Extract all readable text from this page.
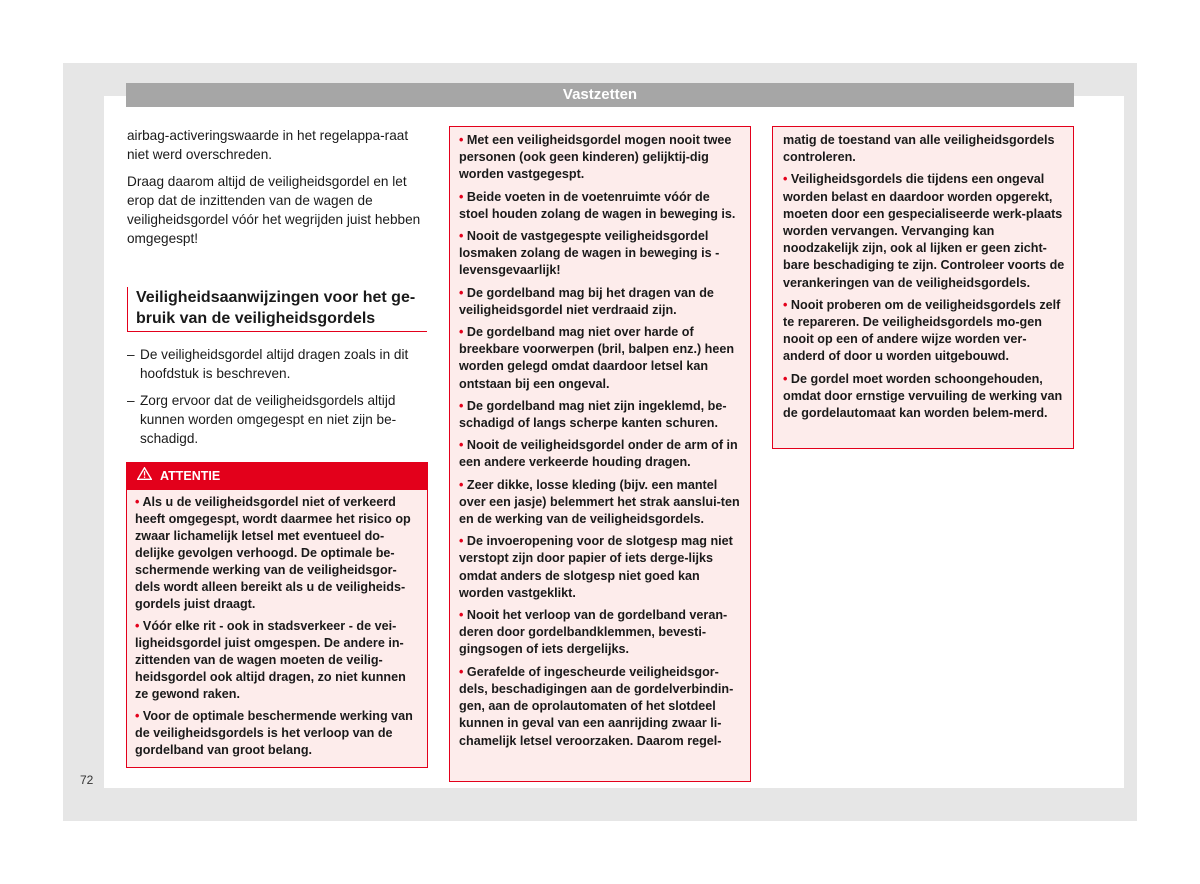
Vastzetten

airbag-activeringswaarde in het regelappa-raat niet werd overschreden.

Draag daarom altijd de veiligheidsgordel en let erop dat de inzittenden van de wagen de veiligheidsgordel vóór het wegrijden juist hebben omgegespt!

Veiligheidsaanwijzingen voor het ge-bruik van de veiligheidsgordels
– De veiligheidsgordel altijd dragen zoals in dit hoofdstuk is beschreven.
– Zorg ervoor dat de veiligheidsgordels altijd kunnen worden omgegespt en niet zijn be-schadigd.
ATTENTIE

• Als u de veiligheidsgordel niet of verkeerd heeft omgegespt, wordt daarmee het risico op zwaar lichamelijk letsel met eventueel do-delijke gevolgen verhoogd. De optimale be-schermende werking van de veiligheidsgor-dels wordt alleen bereikt als u de veiligheids-gordels juist draagt.

• Vóór elke rit - ook in stadsverkeer - de vei-ligheidsgordel juist omgespen. De andere in-zittenden van de wagen moeten de veilig-heidsgordel ook altijd dragen, zo niet kunnen ze gewond raken.

• Voor de optimale beschermende werking van de veiligheidsgordels is het verloop van de gordelband van groot belang.

• Met een veiligheidsgordel mogen nooit twee personen (ook geen kinderen) gelijktij-dig worden vastgegespt.

• Beide voeten in de voetenruimte vóór de stoel houden zolang de wagen in beweging is.

• Nooit de vastgegespte veiligheidsgordel losmaken zolang de wagen in beweging is - levensgevaarlijk!

• De gordelband mag bij het dragen van de veiligheidsgordel niet verdraaid zijn.

• De gordelband mag niet over harde of breekbare voorwerpen (bril, balpen enz.) heen worden gelegd omdat daardoor letsel kan ontstaan bij een ongeval.

• De gordelband mag niet zijn ingeklemd, be-schadigd of langs scherpe kanten schuren.

• Nooit de veiligheidsgordel onder de arm of in een andere verkeerde houding dragen.

• Zeer dikke, losse kleding (bijv. een mantel over een jasje) belemmert het strak aanslui-ten en de werking van de veiligheidsgordels.

• De invoeropening voor de slotgesp mag niet verstopt zijn door papier of iets derge-lijks omdat anders de slotgesp niet goed kan worden vastgeklikt.

• Nooit het verloop van de gordelband veran-deren door gordelbandklemmen, bevesti-gingsogen of iets dergelijks.

• Gerafelde of ingescheurde veiligheidsgor-dels, beschadigingen aan de gordelverbindin-gen, aan de oprolautomaten of het slotdeel kunnen in geval van een aanrijding zwaar li-chamelijk letsel veroorzaken. Daarom regel-

matig de toestand van alle veiligheidsgordels controleren.

• Veiligheidsgordels die tijdens een ongeval worden belast en daardoor worden opgerekt, moeten door een gespecialiseerde werk-plaats worden vervangen. Vervanging kan noodzakelijk zijn, ook al lijken er geen zicht-bare beschadiging te zijn. Controleer voorts de verankeringen van de veiligheidsgordels.

• Nooit proberen om de veiligheidsgordels zelf te repareren. De veiligheidsgordels mo-gen nooit op een of andere wijze worden ver-anderd of door u worden uitgebouwd.

• De gordel moet worden schoongehouden, omdat door ernstige vervuiling de werking van de gordelautomaat kan worden belem-merd.

72
